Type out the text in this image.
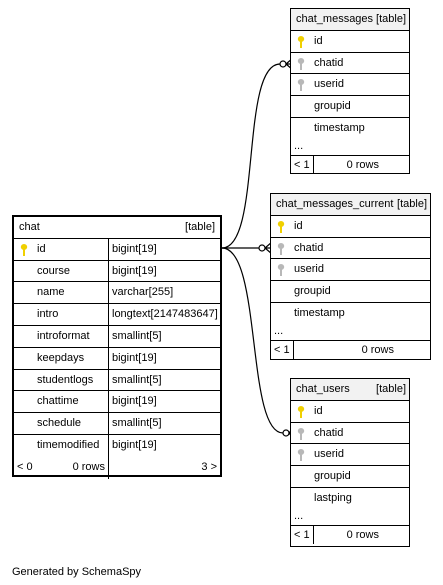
chat	[table]
id	bigint[19]
course	bigint[19]
name	varchar[255]
intro	longtext[2147483647]
introformat	smallint[5]
keepdays	bigint[19]
studentlogs	smallint[5]
chattime	bigint[19]
schedule	smallint[5]
timemodified	bigint[19]
< 0	0 rows	3 >
chat_messages [table]
id
chatid
userid
groupid
timestamp
...
< 1	0 rows
chat_messages_current [table]
id
chatid
userid
groupid
timestamp
...
< 1	0 rows
chat_users [table]
id
chatid
userid
groupid
lastping
...
< 1	0 rows
Generated by SchemaSpy
